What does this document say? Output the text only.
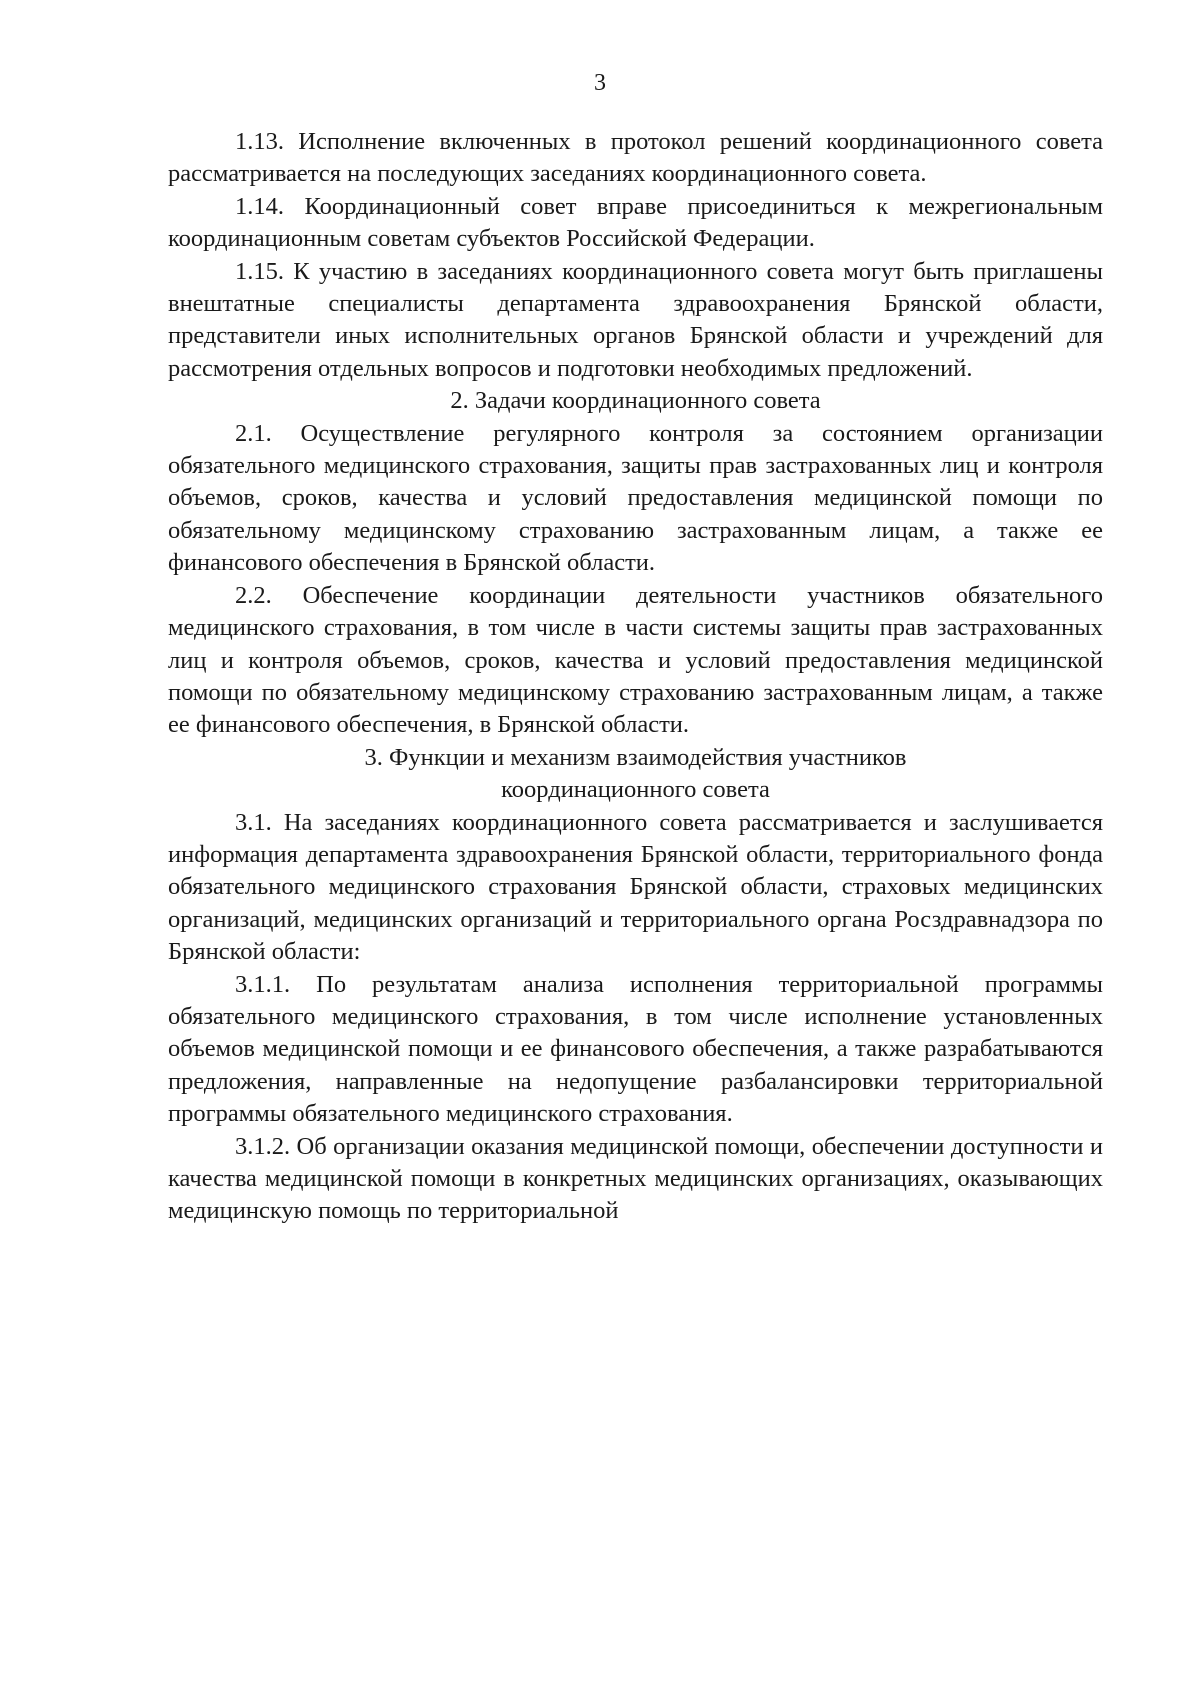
3

1.13. Исполнение включенных в протокол решений координационного совета рассматривается на последующих заседаниях координационного совета.

1.14. Координационный совет вправе присоединиться к межрегиональным координационным советам субъектов Российской Федерации.

1.15. К участию в заседаниях координационного совета могут быть приглашены внештатные специалисты департамента здравоохранения Брянской области, представители иных исполнительных органов Брянской области и учреждений для рассмотрения отдельных вопросов и подготовки необходимых предложений.

2. Задачи координационного совета

2.1. Осуществление регулярного контроля за состоянием организации обязательного медицинского страхования, защиты прав застрахованных лиц и контроля объемов, сроков, качества и условий предоставления медицинской помощи по обязательному медицинскому страхованию застрахованным лицам, а также ее финансового обеспечения в Брянской области.

2.2. Обеспечение координации деятельности участников обязательного медицинского страхования, в том числе в части системы защиты прав застрахованных лиц и контроля объемов, сроков, качества и условий предоставления медицинской помощи по обязательному медицинскому страхованию застрахованным лицам, а также ее финансового обеспечения, в Брянской области.

3. Функции и механизм взаимодействия участников
координационного совета

3.1. На заседаниях координационного совета рассматривается и заслушивается информация департамента здравоохранения Брянской области, территориального фонда обязательного медицинского страхования Брянской области, страховых медицинских организаций, медицинских организаций и территориального органа Росздравнадзора по Брянской области:

3.1.1. По результатам анализа исполнения территориальной программы обязательного медицинского страхования, в том числе исполнение установленных объемов медицинской помощи и ее финансового обеспечения, а также разрабатываются предложения, направленные на недопущение разбалансировки территориальной программы обязательного медицинского страхования.

3.1.2. Об организации оказания медицинской помощи, обеспечении доступности и качества медицинской помощи в конкретных медицинских организациях, оказывающих медицинскую помощь по территориальной
